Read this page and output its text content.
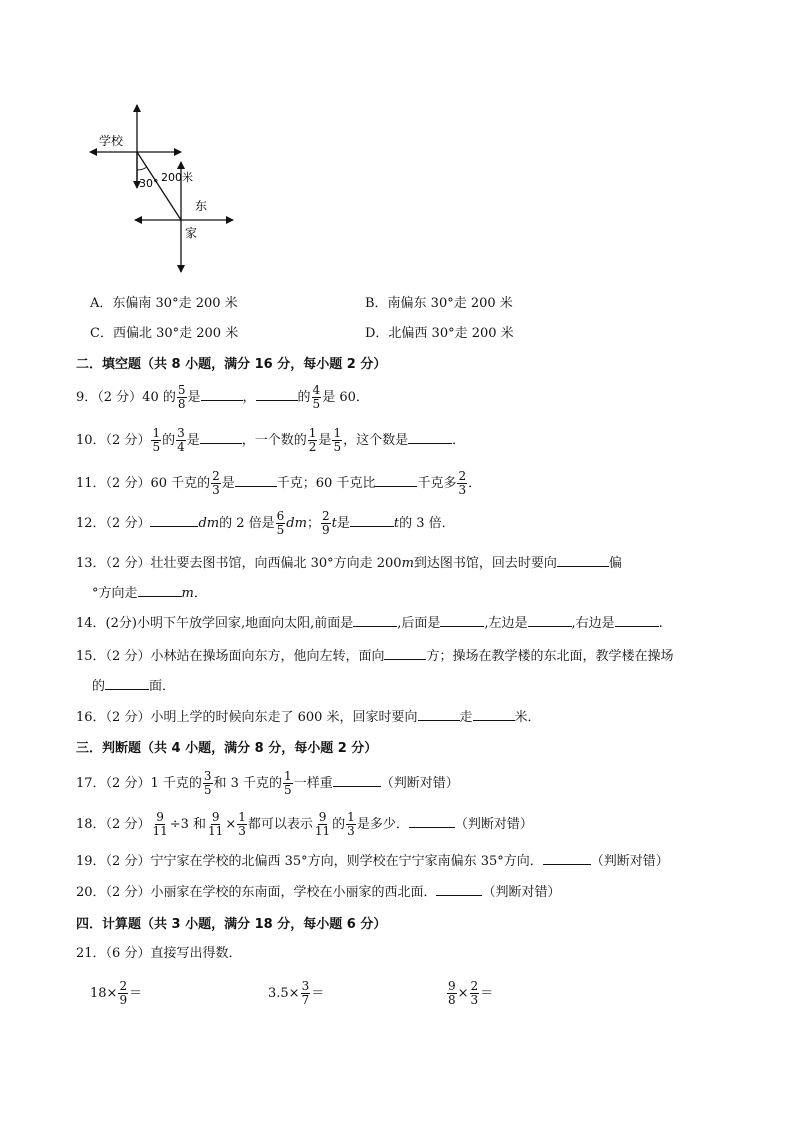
学校
30° 200米
东
家
A．东偏南 30°走 200 米	B．南偏东 30°走 200 米
C．西偏北 30°走 200 米	D．北偏西 30°走 200 米
二．填空题（共 8 小题，满分 16 分，每小题 2 分）
9．（2 分）40 的 $\frac{5}{8}$ 是	，	的 $\frac{4}{5}$ 是 60．
10．（2 分） $\frac{1}{5}$ 的 $\frac{3}{4}$ 是	，一个数的 $\frac{1}{2}$ 是 $\frac{1}{5}$ ，这个数是	．
11．（2 分）60 千克的 $\frac{2}{3}$ 是	千克；60 千克比	千克多 $\frac{2}{3}$ ．
12．（2 分）	dm的 2 倍是 $\frac{6}{5}$ dm； $\frac{2}{9}$ t是	t的 3 倍．
13．（2 分）壮壮要去图书馆，向西偏北 30°方向走 200m到达图书馆，回去时要向	偏
°方向走	m．
14．(2分)小明下午放学回家,地面向太阳,前面是	,后面是	,左边是	,右边是	.
15．（2 分）小林站在操场面向东方，他向左转，面向	方；操场在教学楼的东北面，教学楼在操场
的	面．
16．（2 分）小明上学的时候向东走了 600 米，回家时要向	走	米．
三．判断题（共 4 小题，满分 8 分，每小题 2 分）
17．（2 分）1 千克的 $\frac{3}{5}$ 和 3 千克的 $\frac{1}{5}$ 一样重	（判断对错）
18．（2 分） $\frac{9}{11} \div 3$ 和 $\frac{9}{11} \times \frac{1}{3}$ 都可以表示 $\frac{9}{11}$ 的 $\frac{1}{3}$ 是多少．	（判断对错）
19．（2 分）宁宁家在学校的北偏西 35°方向，则学校在宁宁家南偏东 35°方向．	（判断对错）
20．（2 分）小丽家在学校的东南面，学校在小丽家的西北面．	（判断对错）
四．计算题（共 3 小题，满分 18 分，每小题 6 分）
21．（6 分）直接写出得数．
$18\times \frac{2}{9}$ ＝	$3.5\times \frac{3}{7}$ ＝	$\frac{9}{8} \times \frac{2}{3}$ ＝
